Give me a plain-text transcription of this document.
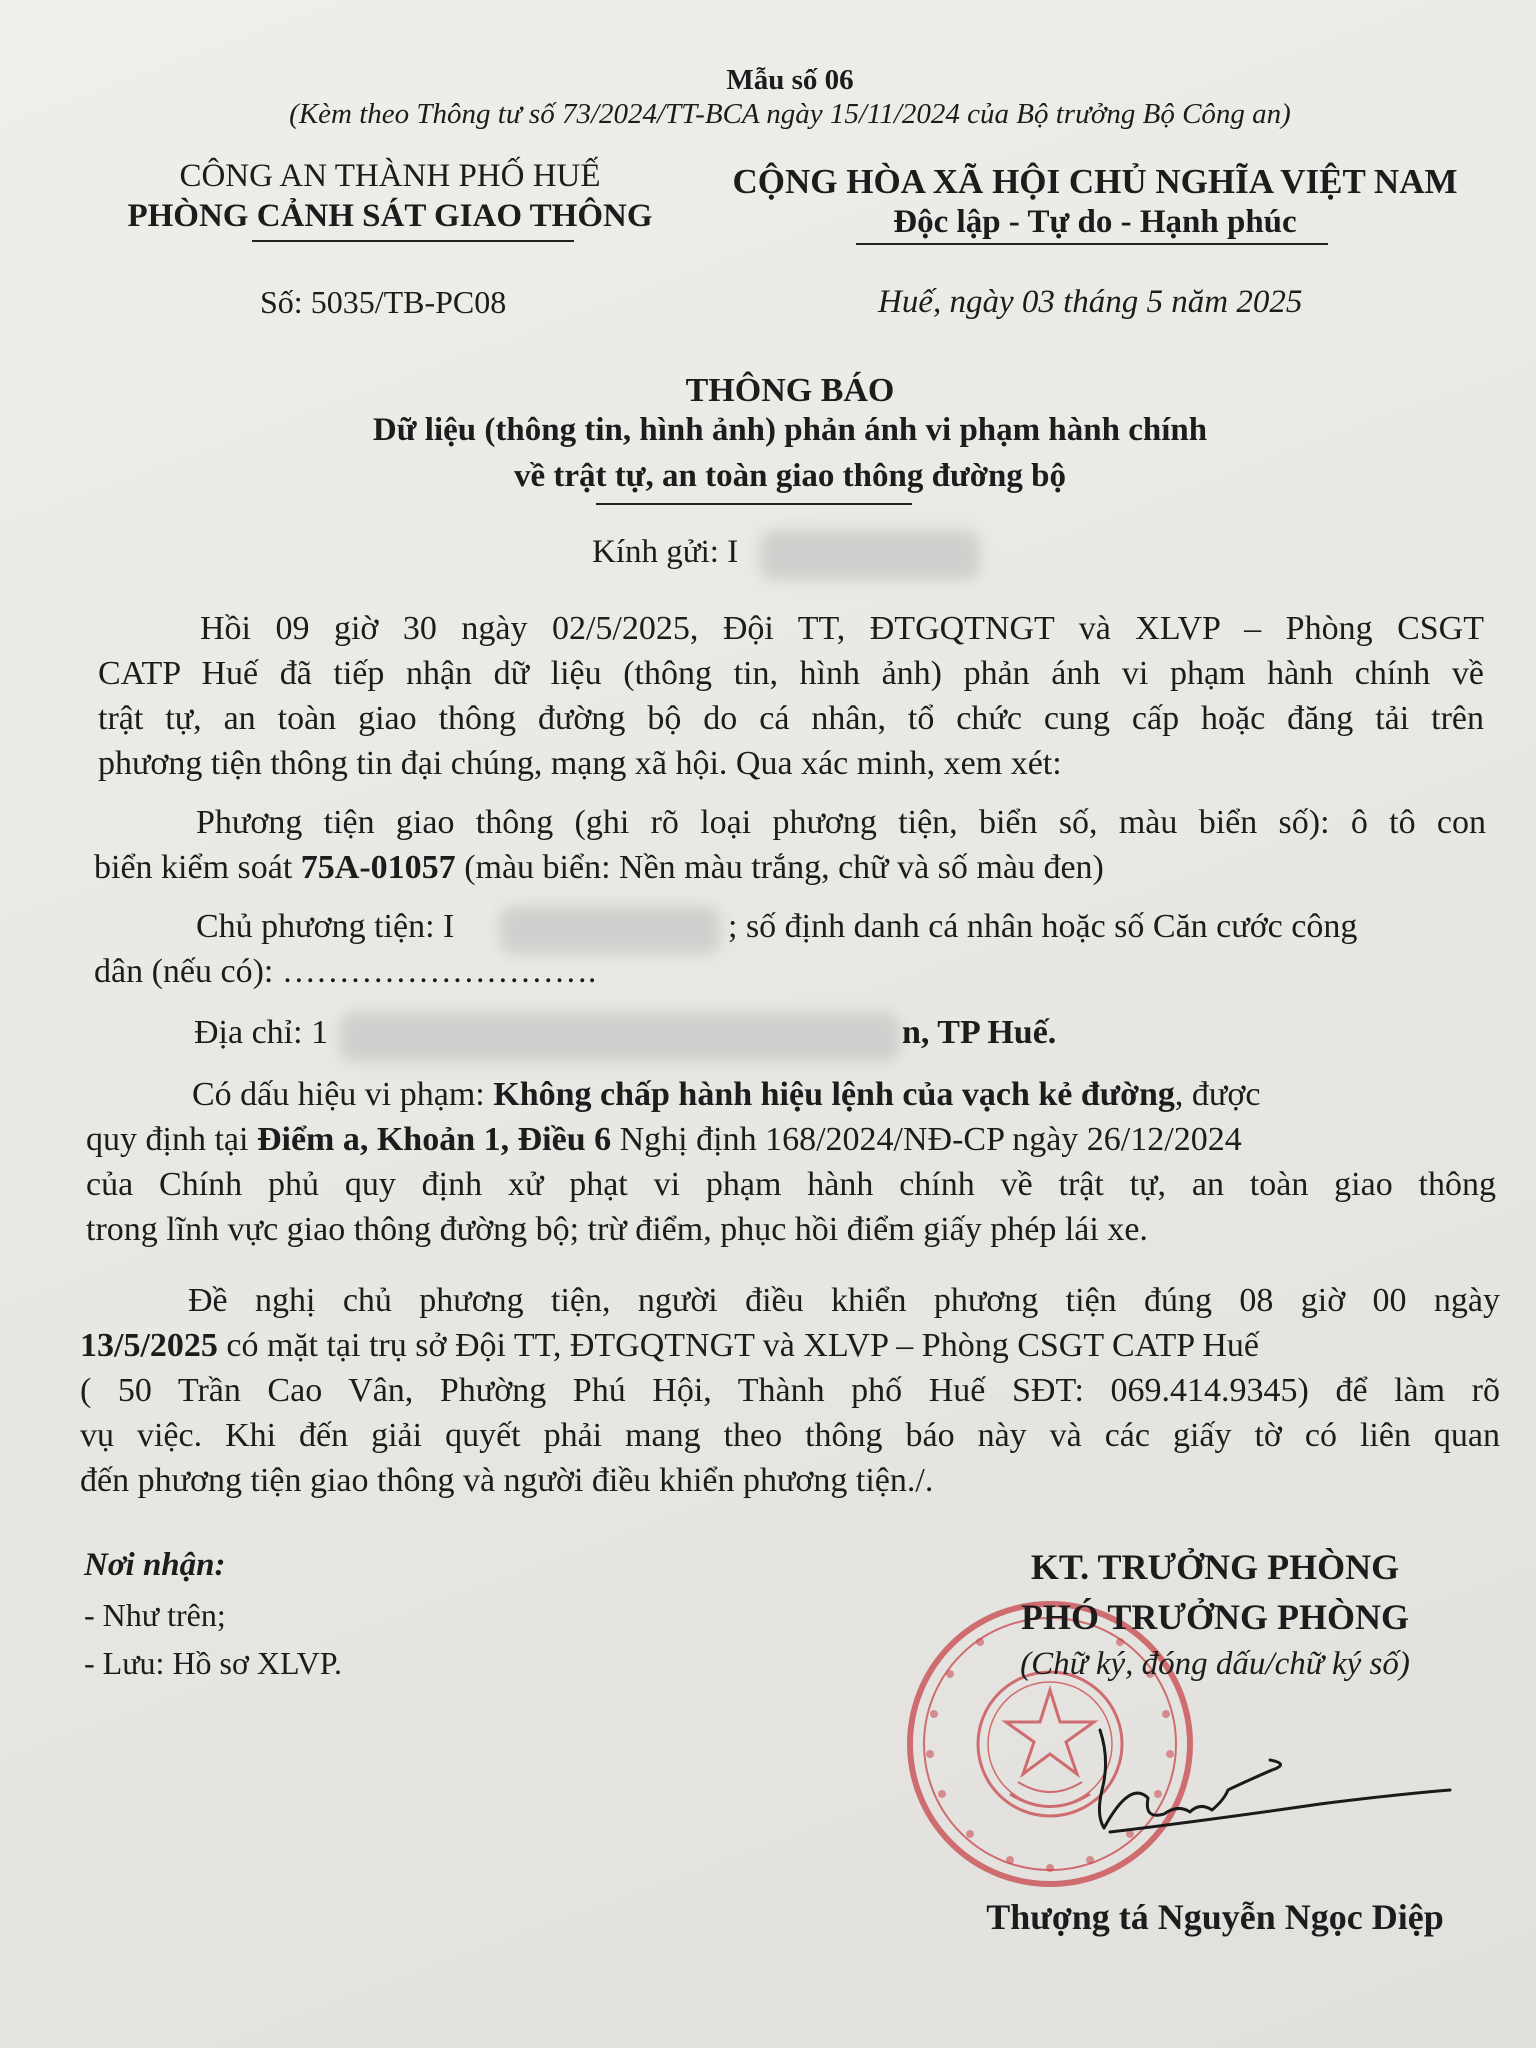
Mẫu số 06
(Kèm theo Thông tư số 73/2024/TT-BCA ngày 15/11/2024 của Bộ trưởng Bộ Công an)
CÔNG AN THÀNH PHỐ HUẾ
PHÒNG CẢNH SÁT GIAO THÔNG
CỘNG HÒA XÃ HỘI CHỦ NGHĨA VIỆT NAM
Độc lập - Tự do - Hạnh phúc
Số: 5035/TB-PC08	Huế, ngày 03 tháng 5 năm 2025
THÔNG BÁO
Dữ liệu (thông tin, hình ảnh) phản ánh vi phạm hành chính
về trật tự, an toàn giao thông đường bộ
Kính gửi: I
Hồi 09 giờ 30 ngày 02/5/2025, Đội TT, ĐTGQTNGT và XLVP – Phòng CSGT
CATP Huế đã tiếp nhận dữ liệu (thông tin, hình ảnh) phản ánh vi phạm hành chính về
trật tự, an toàn giao thông đường bộ do cá nhân, tổ chức cung cấp hoặc đăng tải trên
phương tiện thông tin đại chúng, mạng xã hội. Qua xác minh, xem xét:
Phương tiện giao thông (ghi rõ loại phương tiện, biển số, màu biển số): ô tô con
biển kiểm soát 75A-01057 (màu biển: Nền màu trắng, chữ và số màu đen)
Chủ phương tiện: I	; số định danh cá nhân hoặc số Căn cước công
dân (nếu có): ……………………….
Địa chỉ: 1	n, TP Huế.
Có dấu hiệu vi phạm: Không chấp hành hiệu lệnh của vạch kẻ đường, được
quy định tại Điểm a, Khoản 1, Điều 6 Nghị định 168/2024/NĐ-CP ngày 26/12/2024
của Chính phủ quy định xử phạt vi phạm hành chính về trật tự, an toàn giao thông
trong lĩnh vực giao thông đường bộ; trừ điểm, phục hồi điểm giấy phép lái xe.
Đề nghị chủ phương tiện, người điều khiển phương tiện đúng 08 giờ 00 ngày
13/5/2025 có mặt tại trụ sở Đội TT, ĐTGQTNGT và XLVP – Phòng CSGT CATP Huế
( 50 Trần Cao Vân, Phường Phú Hội, Thành phố Huế SĐT: 069.414.9345) để làm rõ
vụ việc. Khi đến giải quyết phải mang theo thông báo này và các giấy tờ có liên quan
đến phương tiện giao thông và người điều khiển phương tiện./.
Nơi nhận:
- Như trên;
- Lưu: Hồ sơ XLVP.
KT. TRƯỞNG PHÒNG
PHÓ TRƯỞNG PHÒNG
(Chữ ký, đóng dấu/chữ ký số)
Thượng tá Nguyễn Ngọc Diệp
